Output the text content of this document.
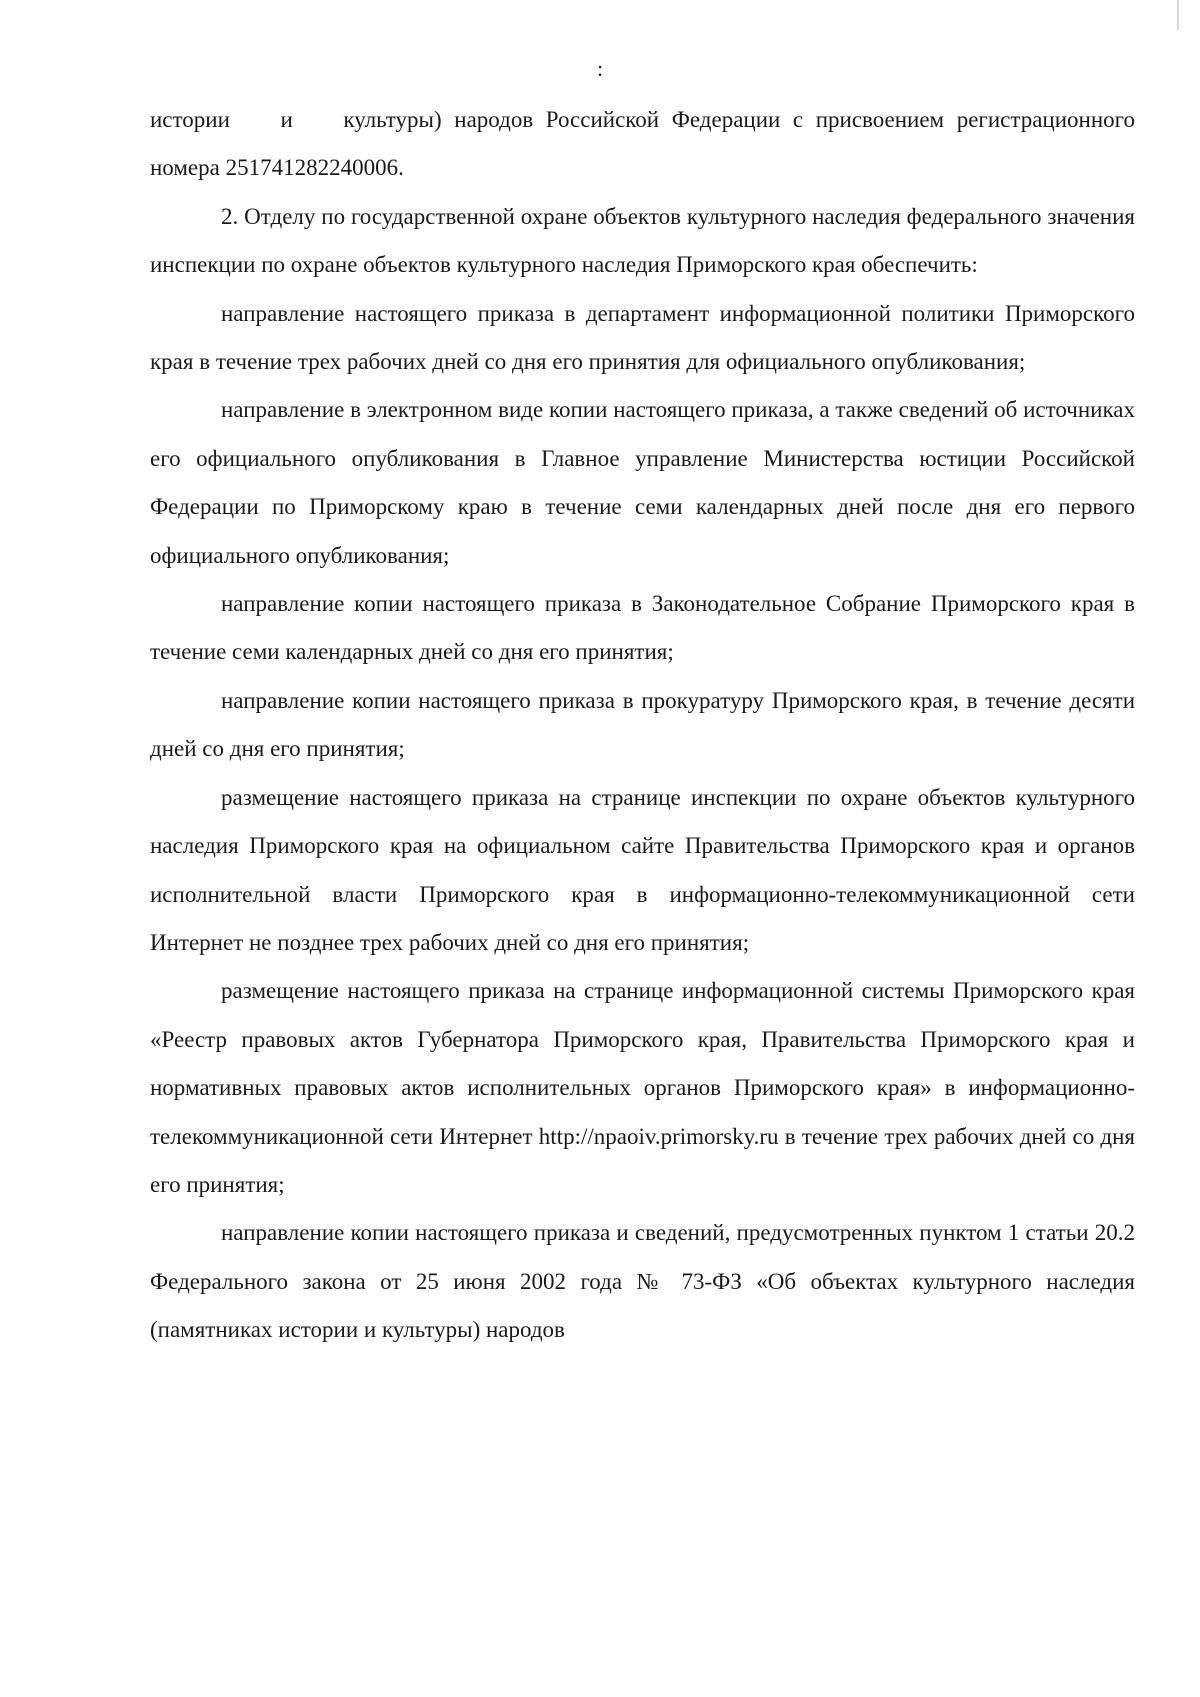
:

истории и культуры) народов Российской Федерации с присвоением регистрационного номера 251741282240006.

2. Отделу по государственной охране объектов культурного наследия федерального значения инспекции по охране объектов культурного наследия Приморского края обеспечить:

направление настоящего приказа в департамент информационной политики Приморского края в течение трех рабочих дней со дня его принятия для официального опубликования;

направление в электронном виде копии настоящего приказа, а также сведений об источниках его официального опубликования в Главное управление Министерства юстиции Российской Федерации по Приморскому краю в течение семи календарных дней после дня его первого официального опубликования;

направление копии настоящего приказа в Законодательное Собрание Приморского края в течение семи календарных дней со дня его принятия;

направление копии настоящего приказа в прокуратуру Приморского края, в течение десяти дней со дня его принятия;

размещение настоящего приказа на странице инспекции по охране объектов культурного наследия Приморского края на официальном сайте Правительства Приморского края и органов исполнительной власти Приморского края в информационно-телекоммуникационной сети Интернет не позднее трех рабочих дней со дня его принятия;

размещение настоящего приказа на странице информационной системы Приморского края «Реестр правовых актов Губернатора Приморского края, Правительства Приморского края и нормативных правовых актов исполнительных органов Приморского края» в информационно-телекоммуникационной сети Интернет http://npaoiv.primorsky.ru в течение трех рабочих дней со дня его принятия;

направление копии настоящего приказа и сведений, предусмотренных пунктом 1 статьи 20.2 Федерального закона от 25 июня 2002 года № 73-ФЗ «Об объектах культурного наследия (памятниках истории и культуры) народов
